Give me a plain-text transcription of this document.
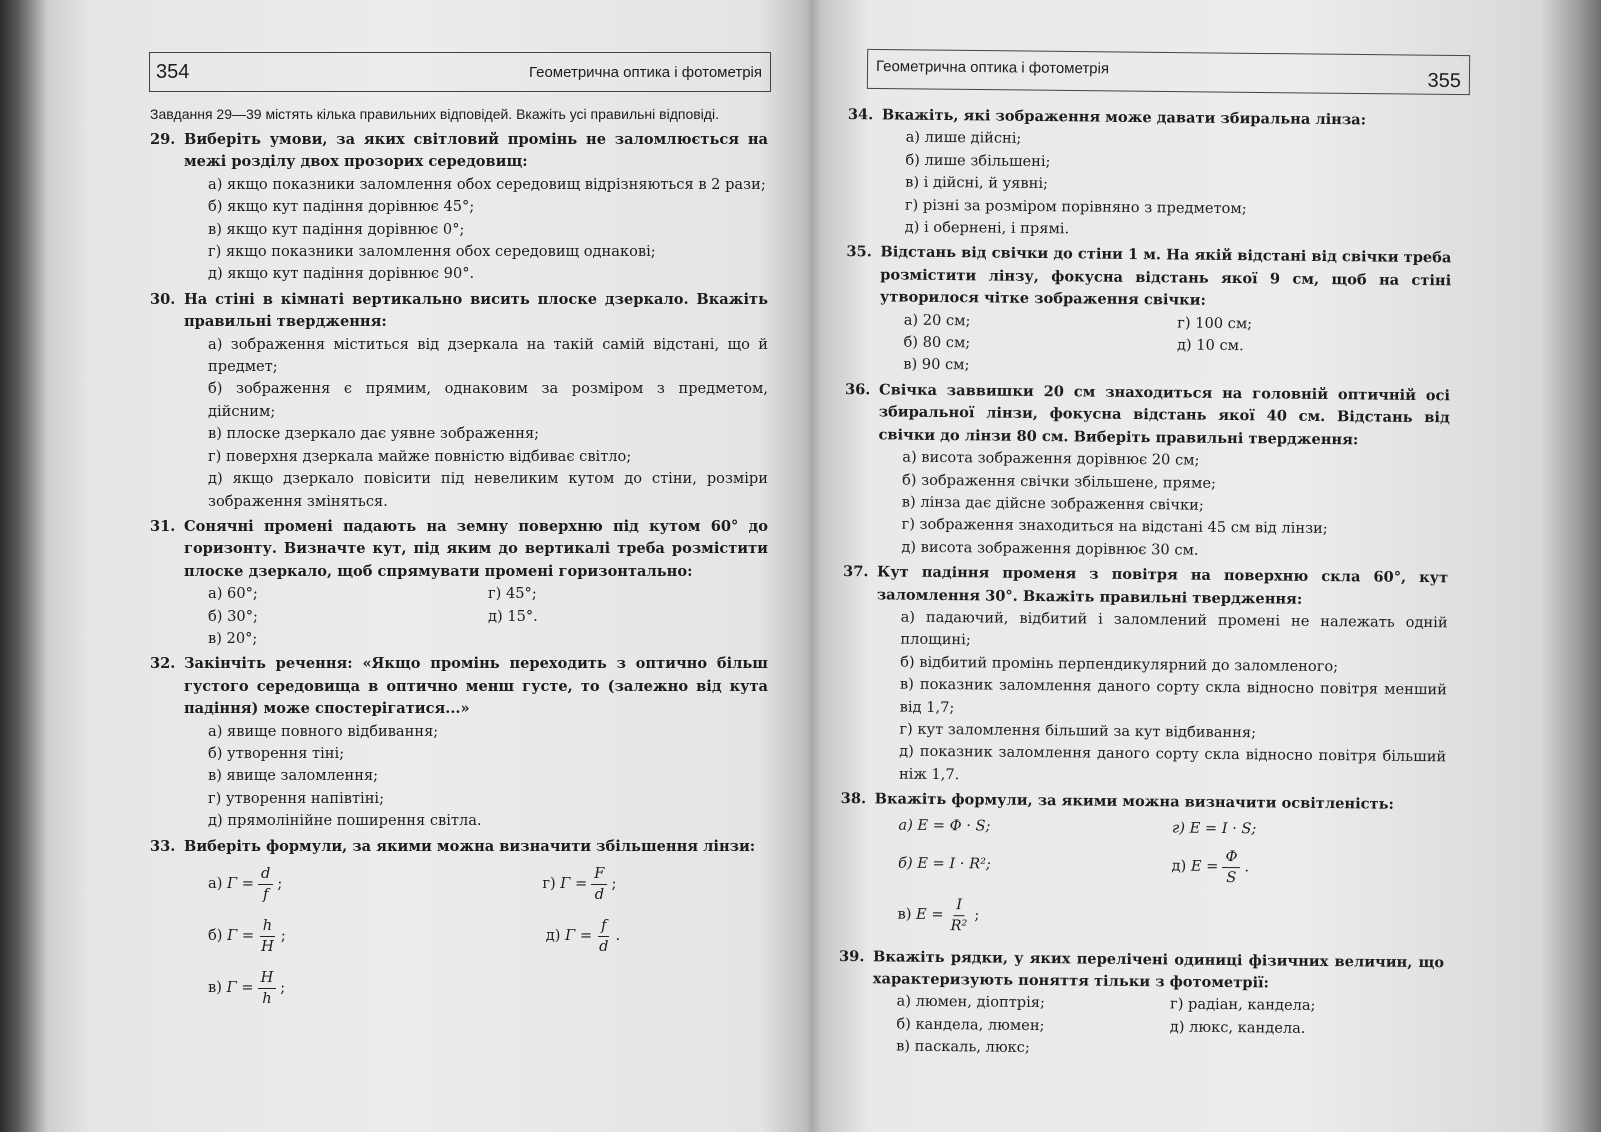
354	Геометрична оптика і фотометрія
Завдання 29—39 містять кілька правильних відповідей. Вкажіть усі правильні відповіді.
29. Виберіть умови, за яких світловий промінь не заломлюється на межі розділу двох прозорих середовищ:
а) якщо показники заломлення обох середовищ відрізняються в 2 рази;
б) якщо кут падіння дорівнює 45°;
в) якщо кут падіння дорівнює 0°;
г) якщо показники заломлення обох середовищ однакові;
д) якщо кут падіння дорівнює 90°.
30. На стіні в кімнаті вертикально висить плоске дзеркало. Вкажіть правильні твердження:
а) зображення міститься від дзеркала на такій самій відстані, що й предмет;
б) зображення є прямим, однаковим за розміром з предметом, дійсним;
в) плоске дзеркало дає уявне зображення;
г) поверхня дзеркала майже повністю відбиває світло;
д) якщо дзеркало повісити під невеликим кутом до стіни, розміри зображення зміняться.
31. Сонячні промені падають на земну поверхню під кутом 60° до горизонту. Визначте кут, під яким до вертикалі треба розмістити плоске дзеркало, щоб спрямувати промені горизонтально:
а) 60°;
б) 30°;
в) 20°;
г) 45°;
д) 15°.
32. Закінчіть речення: «Якщо промінь переходить з оптично більш густого середовища в оптично менш густе, то (залежно від кута падіння) може спостерігатися...»
а) явище повного відбивання;
б) утворення тіні;
в) явище заломлення;
г) утворення напівтіні;
д) прямолінійне поширення світла.
33. Виберіть формули, за якими можна визначити збільшення лінзи:
а)
$\Gamma = \frac{d}{f}$ ;	г)
$\Gamma = \frac{F}{d}$ ;
б)
$\Gamma = \frac{h}{H}$ ;	д)
$\Gamma = \frac{f}{d}$ .
в)
$\Gamma = \frac{H}{h}$ ;
Геометрична оптика і фотометрія
355
34. Вкажіть, які зображення може давати збиральна лінза:
а) лише дійсні;
б) лише збільшені;
в) і дійсні, й уявні;
г) різні за розміром порівняно з предметом;
д) і обернені, і прямі.
35. Відстань від свічки до стіни 1 м. На якій відстані від свічки треба розмістити лінзу, фокусна відстань якої 9 см, щоб на стіні утворилося чітке зображення свічки:
а) 20 см;
б) 80 см;
в) 90 см;
г) 100 см;
д) 10 см.
36. Свічка заввишки 20 см знаходиться на головній оптичній осі збиральної лінзи, фокусна відстань якої 40 см. Відстань від свічки до лінзи 80 см. Виберіть правильні твердження:
а) висота зображення дорівнює 20 см;
б) зображення свічки збільшене, пряме;
в) лінза дає дійсне зображення свічки;
г) зображення знаходиться на відстані 45 см від лінзи;
д) висота зображення дорівнює 30 см.
37. Кут падіння променя з повітря на поверхню скла 60°, кут заломлення 30°. Вкажіть правильні твердження:
а) падаючий, відбитий і заломлений промені не належать одній площині;
б) відбитий промінь перпендикулярний до заломленого;
в) показник заломлення даного сорту скла відносно повітря менший від 1,7;
г) кут заломлення більший за кут відбивання;
д) показник заломлення даного сорту скла відносно повітря більший ніж 1,7.
38. Вкажіть формули, за якими можна визначити освітленість:
а) E = Φ · S;	г) E = I · S;
б) E = I · R²;	д)
$E = \frac{\Phi}{S}$ .
в)
$E = \frac{I}{\text{R²}}$ ;
39. Вкажіть рядки, у яких перелічені одиниці фізичних величин, що характеризують поняття тільки з фотометрії:
а) люмен, діоптрія;
б) кандела, люмен;
в) паскаль, люкс;
г) радіан, кандела;
д) люкс, кандела.
